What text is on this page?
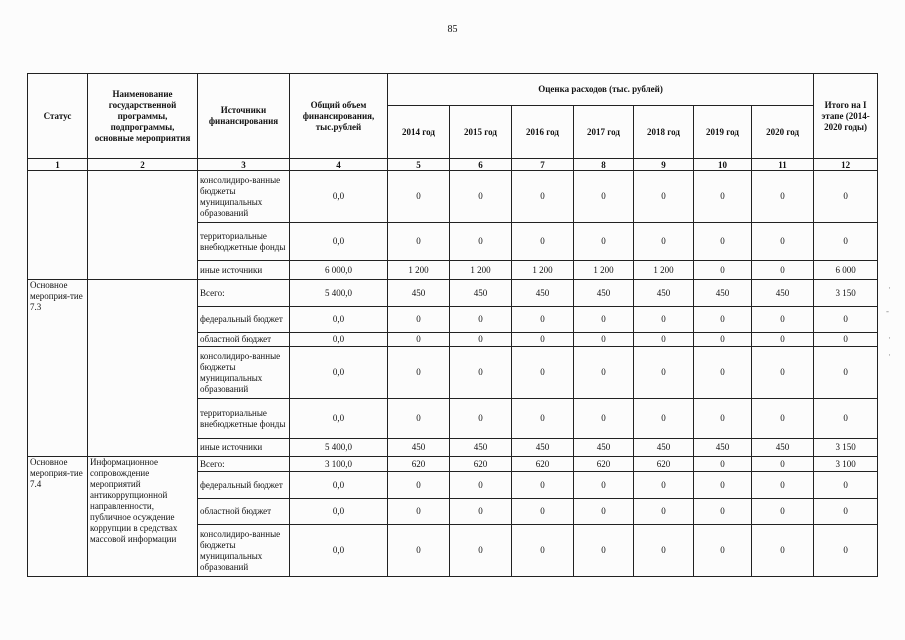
85
Статус	Наименование государственной программы, подпрограммы, основные мероприятия	Источники финансирования	Общий объем финансирования, тыс.рублей	Оценка расходов (тыс. рублей)							Итого на I этапе (2014-2020 годы)
				2014 год	2015 год	2016 год	2017 год	2018 год	2019 год	2020 год	
1	2	3	4	5	6	7	8	9	10	11	12
		консолидиро-ванные бюджеты муниципальных образований	0,0	0	0	0	0	0	0	0	0
		территориальные внебюджетные фонды	0,0	0	0	0	0	0	0	0	0
		иные источники	6 000,0	1 200	1 200	1 200	1 200	1 200	0	0	6 000
Основное мероприя-тие 7.3		Всего:	5 400,0	450	450	450	450	450	450	450	3 150
		федеральный бюджет	0,0	0	0	0	0	0	0	0	0
		областной бюджет	0,0	0	0	0	0	0	0	0	0
		консолидиро-ванные бюджеты муниципальных образований	0,0	0	0	0	0	0	0	0	0
		территориальные внебюджетные фонды	0,0	0	0	0	0	0	0	0	0
		иные источники	5 400,0	450	450	450	450	450	450	450	3 150
Основное мероприя-тие 7.4	Информационное сопровождение мероприятий антикоррупционной направленности, публичное осуждение коррупции в средствах массовой информации	Всего:	3 100,0	620	620	620	620	620	0	0	3 100
		федеральный бюджет	0,0	0	0	0	0	0	0	0	0
		областной бюджет	0,0	0	0	0	0	0	0	0	0
		консолидиро-ванные бюджеты муниципальных образований	0,0	0	0	0	0	0	0	0	0
·
-
·
·
